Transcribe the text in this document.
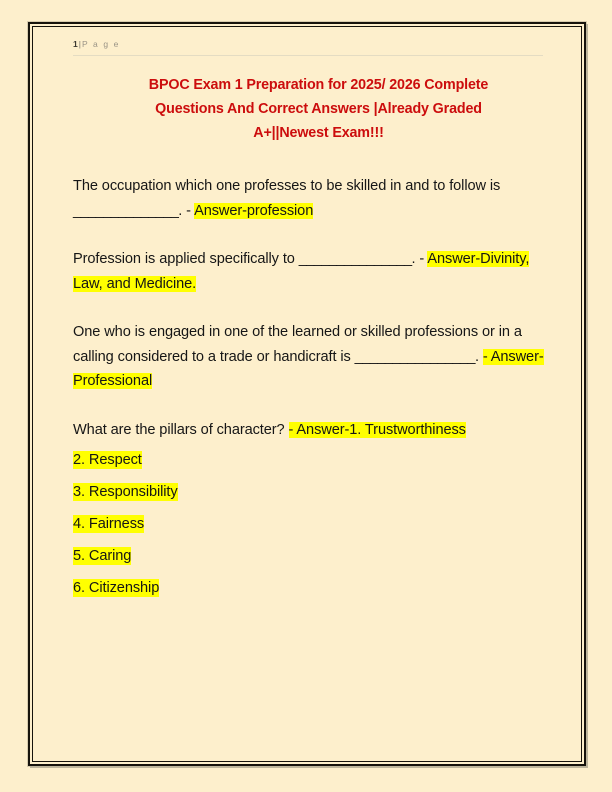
1|P a g e
BPOC Exam 1 Preparation for 2025/ 2026 Complete
Questions And Correct Answers |Already Graded
A+||Newest Exam!!!
The occupation which one professes to be skilled in and to follow is ______________. - Answer-profession
Profession is applied specifically to _______________. - Answer-Divinity, Law, and Medicine.
One who is engaged in one of the learned or skilled professions or in a calling considered to a trade or handicraft is ________________. - Answer-Professional
What are the pillars of character? - Answer-1. Trustworthiness
2. Respect
3. Responsibility
4. Fairness
5. Caring
6. Citizenship
